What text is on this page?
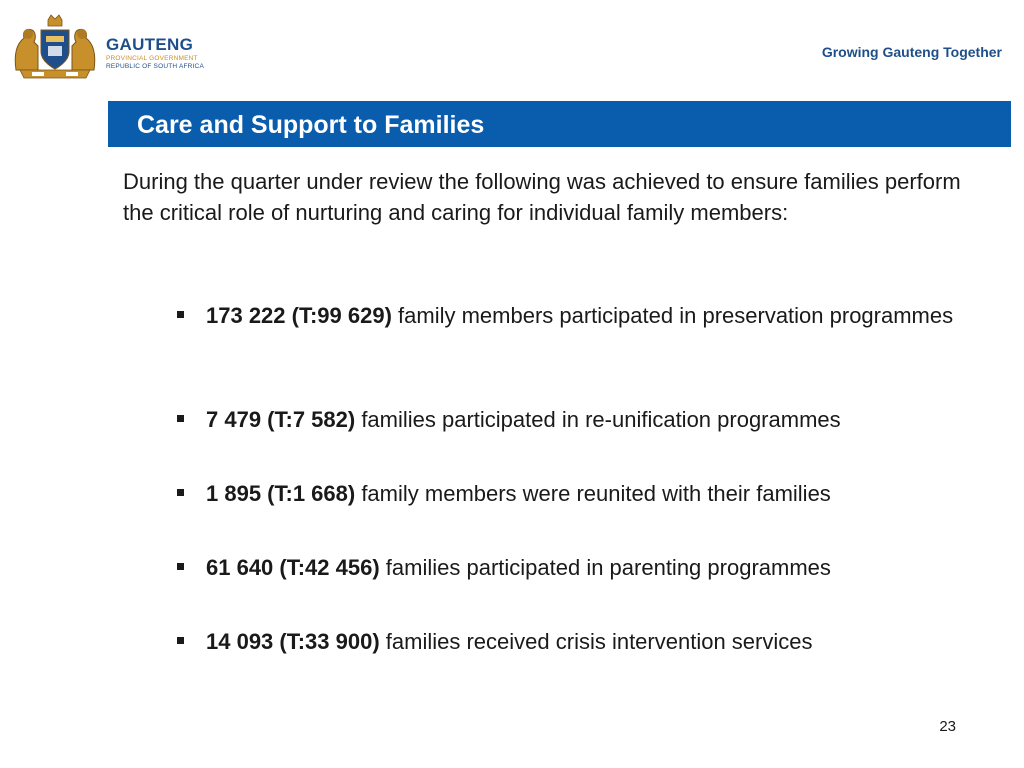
GAUTENG
PROVINCIAL GOVERNMENT
REPUBLIC OF SOUTH AFRICA
Growing Gauteng Together
Care and Support to Families

During the quarter under review the following was achieved to ensure families perform the critical role of nurturing and caring for individual family members:

173 222 (T:99 629) family members participated in preservation programmes
7 479 (T:7 582) families participated in re-unification programmes
1 895 (T:1 668) family members were reunited with their families
61 640 (T:42 456) families participated in parenting programmes
14 093 (T:33 900) families received crisis intervention services
23
